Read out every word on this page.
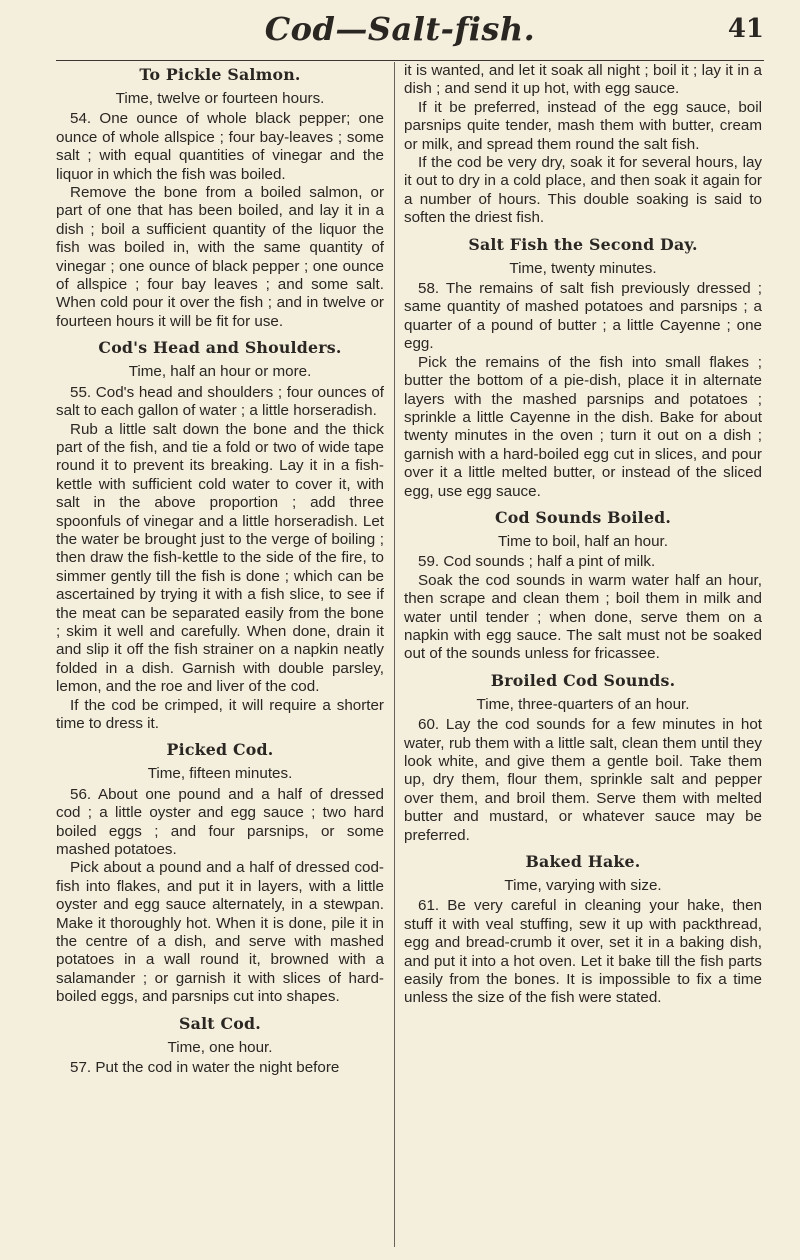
Cod—Salt-fish.	41
To Pickle Salmon.
Time, twelve or fourteen hours.

54. One ounce of whole black pepper; one ounce of whole allspice ; four bay-leaves ; some salt ; with equal quantities of vinegar and the liquor in which the fish was boiled.

Remove the bone from a boiled salmon, or part of one that has been boiled, and lay it in a dish ; boil a sufficient quantity of the liquor the fish was boiled in, with the same quantity of vinegar ; one ounce of black pepper ; one ounce of allspice ; four bay leaves ; and some salt. When cold pour it over the fish ; and in twelve or fourteen hours it will be fit for use.

Cod's Head and Shoulders.
Time, half an hour or more.

55. Cod's head and shoulders ; four ounces of salt to each gallon of water ; a little horseradish.

Rub a little salt down the bone and the thick part of the fish, and tie a fold or two of wide tape round it to prevent its breaking. Lay it in a fish-kettle with sufficient cold water to cover it, with salt in the above proportion ; add three spoonfuls of vinegar and a little horseradish. Let the water be brought just to the verge of boiling ; then draw the fish-kettle to the side of the fire, to simmer gently till the fish is done ; which can be ascertained by trying it with a fish slice, to see if the meat can be separated easily from the bone ; skim it well and carefully. When done, drain it and slip it off the fish strainer on a napkin neatly folded in a dish. Garnish with double parsley, lemon, and the roe and liver of the cod.

If the cod be crimped, it will require a shorter time to dress it.

Picked Cod.
Time, fifteen minutes.

56. About one pound and a half of dressed cod ; a little oyster and egg sauce ; two hard boiled eggs ; and four parsnips, or some mashed potatoes.

Pick about a pound and a half of dressed cod-fish into flakes, and put it in layers, with a little oyster and egg sauce alternately, in a stewpan. Make it thoroughly hot. When it is done, pile it in the centre of a dish, and serve with mashed potatoes in a wall round it, browned with a salamander ; or garnish it with slices of hard-boiled eggs, and parsnips cut into shapes.

Salt Cod.
Time, one hour.

57. Put the cod in water the night before

it is wanted, and let it soak all night ; boil it ; lay it in a dish ; and send it up hot, with egg sauce.

If it be preferred, instead of the egg sauce, boil parsnips quite tender, mash them with butter, cream or milk, and spread them round the salt fish.

If the cod be very dry, soak it for several hours, lay it out to dry in a cold place, and then soak it again for a number of hours. This double soaking is said to soften the driest fish.

Salt Fish the Second Day.
Time, twenty minutes.

58. The remains of salt fish previously dressed ; same quantity of mashed potatoes and parsnips ; a quarter of a pound of butter ; a little Cayenne ; one egg.

Pick the remains of the fish into small flakes ; butter the bottom of a pie-dish, place it in alternate layers with the mashed parsnips and potatoes ; sprinkle a little Cayenne in the dish. Bake for about twenty minutes in the oven ; turn it out on a dish ; garnish with a hard-boiled egg cut in slices, and pour over it a little melted butter, or instead of the sliced egg, use egg sauce.

Cod Sounds Boiled.
Time to boil, half an hour.

59. Cod sounds ; half a pint of milk.

Soak the cod sounds in warm water half an hour, then scrape and clean them ; boil them in milk and water until tender ; when done, serve them on a napkin with egg sauce. The salt must not be soaked out of the sounds unless for fricassee.

Broiled Cod Sounds.
Time, three-quarters of an hour.

60. Lay the cod sounds for a few minutes in hot water, rub them with a little salt, clean them until they look white, and give them a gentle boil. Take them up, dry them, flour them, sprinkle salt and pepper over them, and broil them. Serve them with melted butter and mustard, or whatever sauce may be preferred.

Baked Hake.
Time, varying with size.

61. Be very careful in cleaning your hake, then stuff it with veal stuffing, sew it up with packthread, egg and bread-crumb it over, set it in a baking dish, and put it into a hot oven. Let it bake till the fish parts easily from the bones. It is impossible to fix a time unless the size of the fish were stated.
